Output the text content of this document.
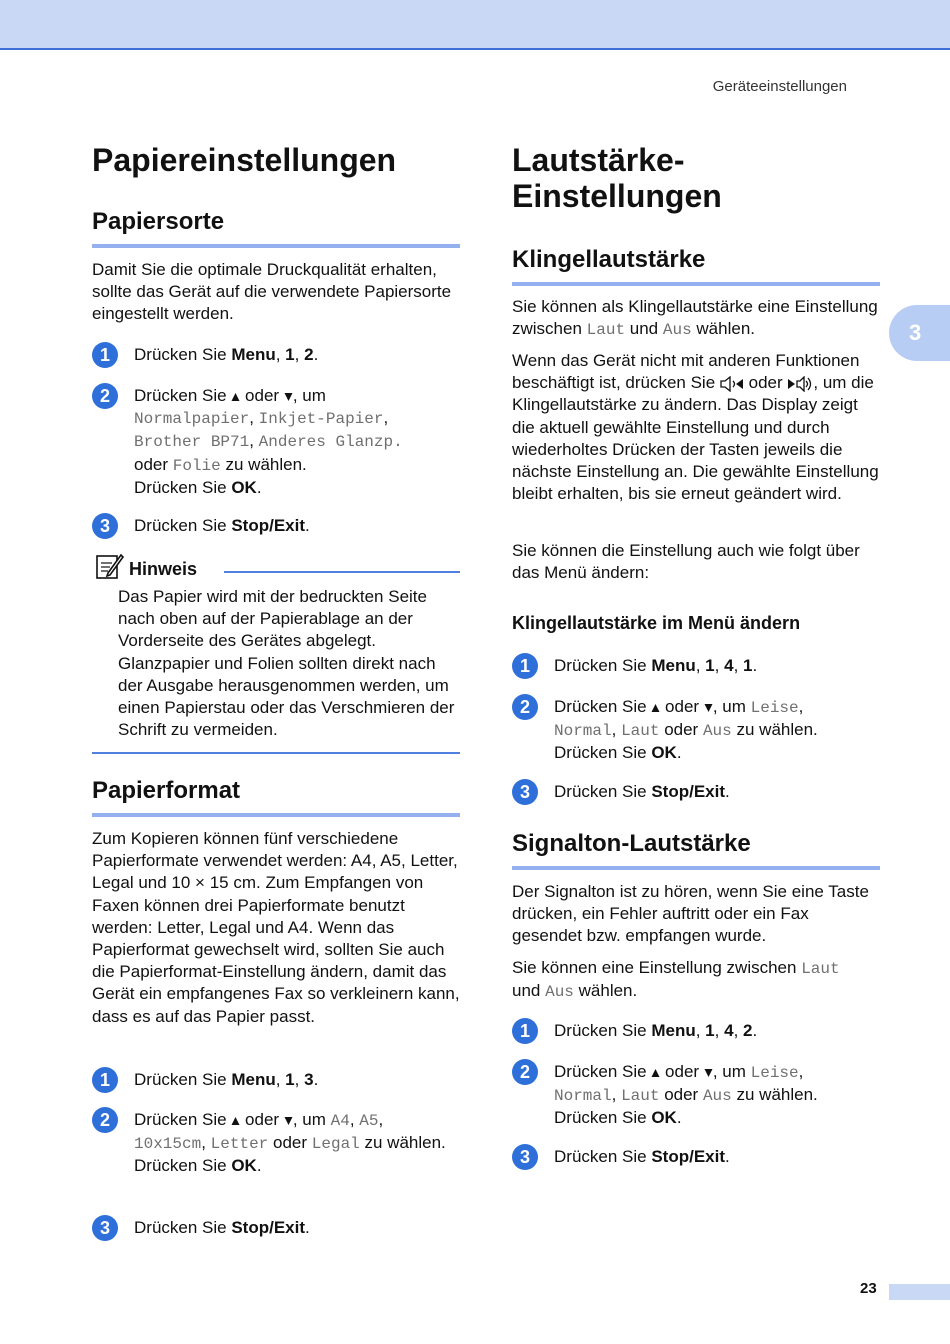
Geräteeinstellungen
3
Papiereinstellungen
Papiersorte
Damit Sie die optimale Druckqualität erhalten, sollte das Gerät auf die verwendete Papiersorte eingestellt werden.
1	Drücken Sie Menu, 1, 2.
2	Drücken Sie  oder , um
Normalpapier, Inkjet-Papier,
Brother BP71, Anderes Glanzp.
oder Folie zu wählen.
Drücken Sie OK.
3	Drücken Sie Stop/Exit.
Hinweis
Das Papier wird mit der bedruckten Seite nach oben auf der Papierablage an der Vorderseite des Gerätes abgelegt. Glanzpapier und Folien sollten direkt nach der Ausgabe herausgenommen werden, um einen Papierstau oder das Verschmieren der Schrift zu vermeiden.
Papierformat
Zum Kopieren können fünf verschiedene Papierformate verwendet werden: A4, A5, Letter, Legal und 10 × 15 cm. Zum Empfangen von Faxen können drei Papierformate benutzt werden: Letter, Legal und A4. Wenn das Papierformat gewechselt wird, sollten Sie auch die Papierformat-Einstellung ändern, damit das Gerät ein empfangenes Fax so verkleinern kann, dass es auf das Papier passt.
1	Drücken Sie Menu, 1, 3.
2	Drücken Sie  oder , um A4, A5,
10x15cm, Letter oder Legal zu wählen.
Drücken Sie OK.
3	Drücken Sie Stop/Exit.
Lautstärke-
Einstellungen
Klingellautstärke
Sie können als Klingellautstärke eine Einstellung zwischen Laut und Aus wählen.
Wenn das Gerät nicht mit anderen Funktionen beschäftigt ist, drücken Sie  oder , um die Klingellautstärke zu ändern. Das Display zeigt die aktuell gewählte Einstellung und durch wiederholtes Drücken der Tasten jeweils die nächste Einstellung an. Die gewählte Einstellung bleibt erhalten, bis sie erneut geändert wird.
Sie können die Einstellung auch wie folgt über das Menü ändern:
Klingellautstärke im Menü ändern
1	Drücken Sie Menu, 1, 4, 1.
2	Drücken Sie  oder , um Leise,
Normal, Laut oder Aus zu wählen.
Drücken Sie OK.
3	Drücken Sie Stop/Exit.
Signalton-Lautstärke
Der Signalton ist zu hören, wenn Sie eine Taste drücken, ein Fehler auftritt oder ein Fax gesendet bzw. empfangen wurde.
Sie können eine Einstellung zwischen Laut
und Aus wählen.
1	Drücken Sie Menu, 1, 4, 2.
2	Drücken Sie  oder , um Leise,
Normal, Laut oder Aus zu wählen.
Drücken Sie OK.
3	Drücken Sie Stop/Exit.
23
